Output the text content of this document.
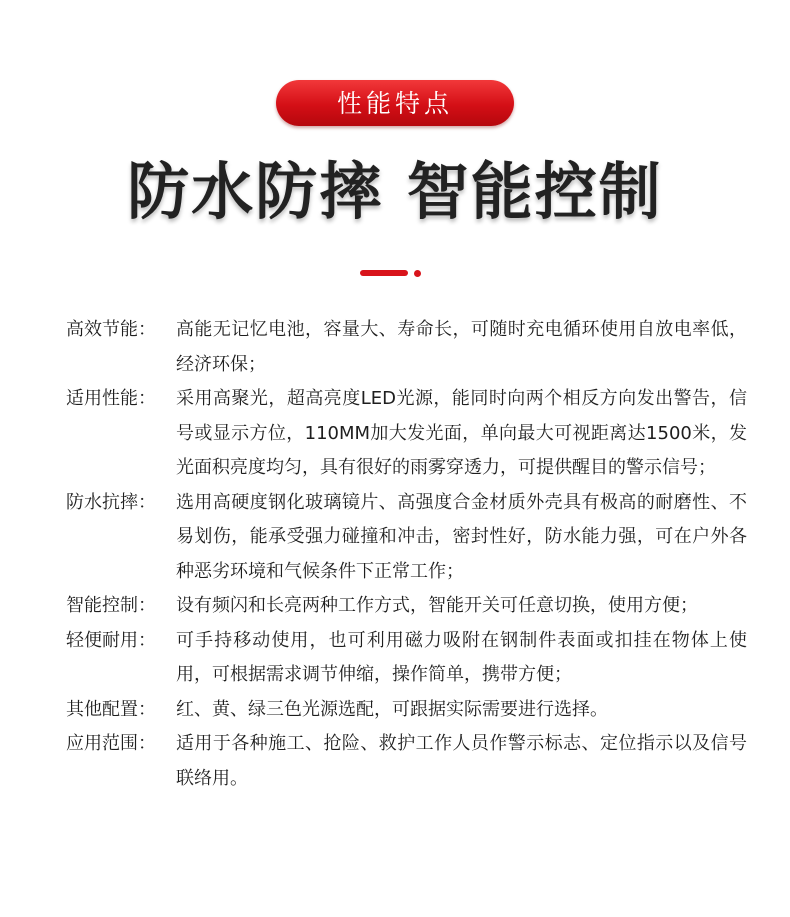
性能特点
防水防摔 智能控制
高效节能：	高能无记忆电池，容量大、寿命长，可随时充电循环使用自放电率低，经济环保；

适用性能：	采用高聚光，超高亮度LED光源，能同时向两个相反方向发出警告，信号或显示方位，110MM加大发光面，单向最大可视距离达1500米，发光面积亮度均匀，具有很好的雨雾穿透力，可提供醒目的警示信号；

防水抗摔：	选用高硬度钢化玻璃镜片、高强度合金材质外壳具有极高的耐磨性、不易划伤，能承受强力碰撞和冲击，密封性好，防水能力强，可在户外各种恶劣环境和气候条件下正常工作；

智能控制：	设有频闪和长亮两种工作方式，智能开关可任意切换，使用方便；

轻便耐用：	可手持移动使用，也可利用磁力吸附在钢制件表面或扣挂在物体上使用，可根据需求调节伸缩，操作简单，携带方便；

其他配置：	红、黄、绿三色光源选配，可跟据实际需要进行选择。

应用范围：	适用于各种施工、抢险、救护工作人员作警示标志、定位指示以及信号联络用。
